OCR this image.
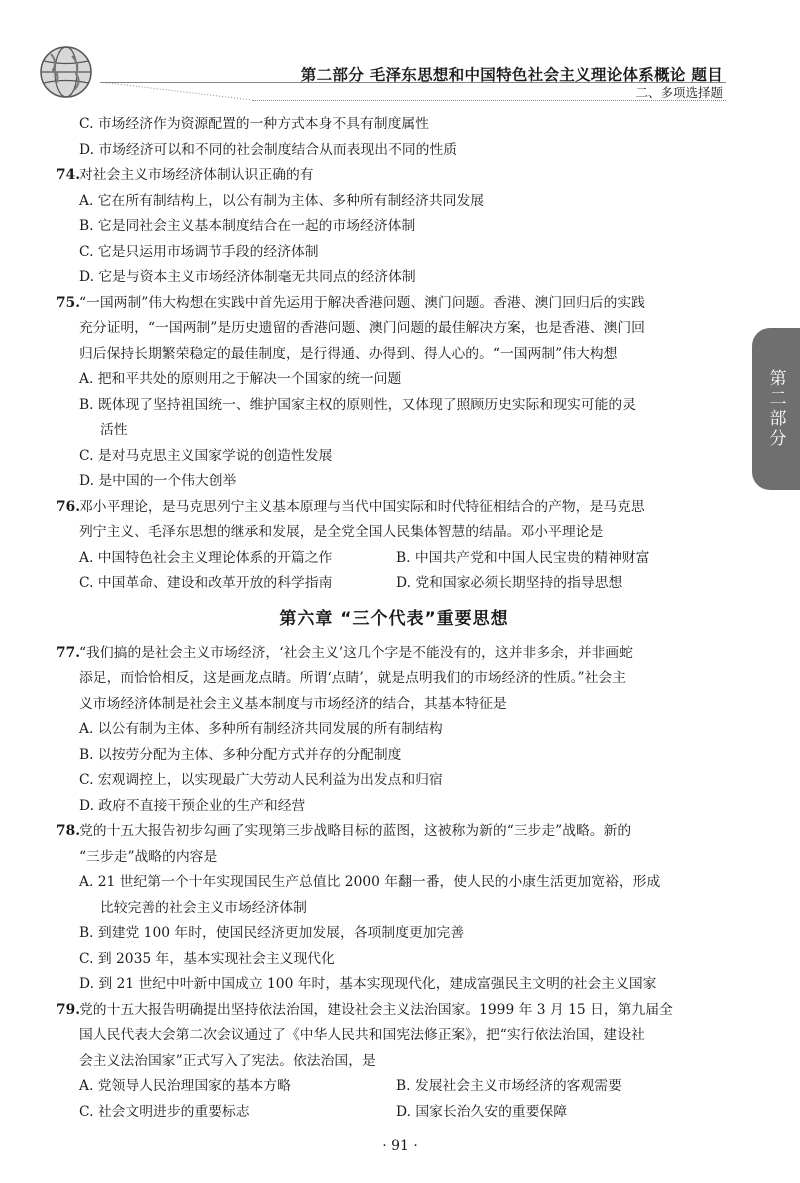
第二部分 毛泽东思想和中国特色社会主义理论体系概论 题目
二、多项选择题
C. 市场经济作为资源配置的一种方式本身不具有制度属性
D. 市场经济可以和不同的社会制度结合从而表现出不同的性质
74.对社会主义市场经济体制认识正确的有
A. 它在所有制结构上，以公有制为主体、多种所有制经济共同发展
B. 它是同社会主义基本制度结合在一起的市场经济体制
C. 它是只运用市场调节手段的经济体制
D. 它是与资本主义市场经济体制毫无共同点的经济体制
75.“一国两制”伟大构想在实践中首先运用于解决香港问题、澳门问题。香港、澳门回归后的实践
充分证明，“一国两制”是历史遗留的香港问题、澳门问题的最佳解决方案，也是香港、澳门回
归后保持长期繁荣稳定的最佳制度，是行得通、办得到、得人心的。“一国两制”伟大构想
A. 把和平共处的原则用之于解决一个国家的统一问题
B. 既体现了坚持祖国统一、维护国家主权的原则性，又体现了照顾历史实际和现实可能的灵
活性
C. 是对马克思主义国家学说的创造性发展
D. 是中国的一个伟大创举
76.邓小平理论，是马克思列宁主义基本原理与当代中国实际和时代特征相结合的产物，是马克思
列宁主义、毛泽东思想的继承和发展，是全党全国人民集体智慧的结晶。邓小平理论是
A. 中国特色社会主义理论体系的开篇之作	B. 中国共产党和中国人民宝贵的精神财富
C. 中国革命、建设和改革开放的科学指南	D. 党和国家必须长期坚持的指导思想
第六章 “三个代表”重要思想
77.“我们搞的是社会主义市场经济，‘社会主义’这几个字是不能没有的，这并非多余，并非画蛇
添足，而恰恰相反，这是画龙点睛。所谓‘点睛’，就是点明我们的市场经济的性质。”社会主
义市场经济体制是社会主义基本制度与市场经济的结合，其基本特征是
A. 以公有制为主体、多种所有制经济共同发展的所有制结构
B. 以按劳分配为主体、多种分配方式并存的分配制度
C. 宏观调控上，以实现最广大劳动人民利益为出发点和归宿
D. 政府不直接干预企业的生产和经营
78.党的十五大报告初步勾画了实现第三步战略目标的蓝图，这被称为新的“三步走”战略。新的
“三步走”战略的内容是
A. 21 世纪第一个十年实现国民生产总值比 2000 年翻一番，使人民的小康生活更加宽裕，形成
比较完善的社会主义市场经济体制
B. 到建党 100 年时，使国民经济更加发展，各项制度更加完善
C. 到 2035 年，基本实现社会主义现代化
D. 到 21 世纪中叶新中国成立 100 年时，基本实现现代化，建成富强民主文明的社会主义国家
79.党的十五大报告明确提出坚持依法治国，建设社会主义法治国家。1999 年 3 月 15 日，第九届全
国人民代表大会第二次会议通过了《中华人民共和国宪法修正案》，把“实行依法治国，建设社
会主义法治国家”正式写入了宪法。依法治国，是
A. 党领导人民治理国家的基本方略	B. 发展社会主义市场经济的客观需要
C. 社会文明进步的重要标志	D. 国家长治久安的重要保障
第二部分
· 91 ·
